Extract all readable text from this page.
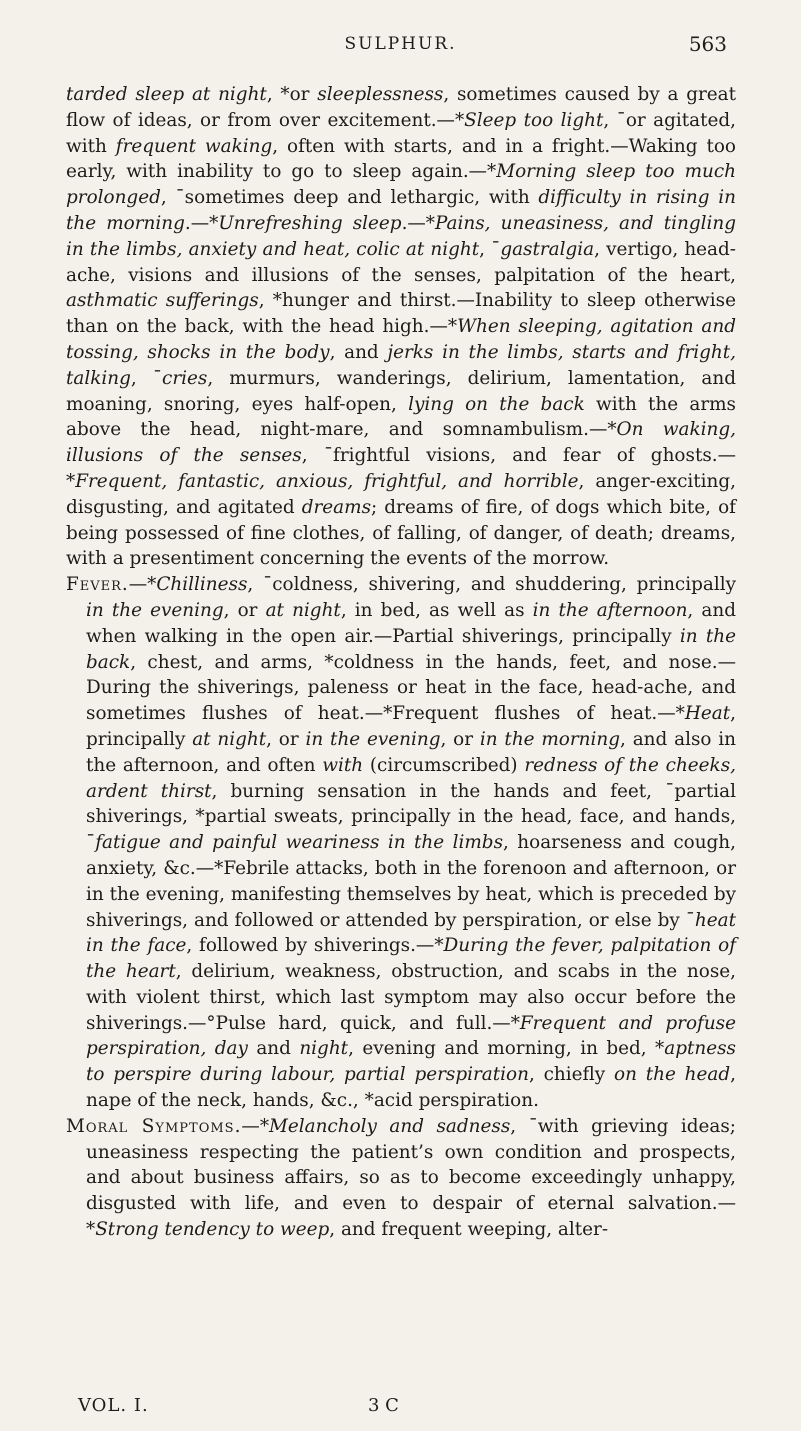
SULPHUR.	563

tarded sleep at night, *or sleeplessness, sometimes caused by a great flow of ideas, or from over excitement.—*Sleep too light, ¯or agitated, with frequent waking, often with starts, and in a fright.—Waking too early, with inability to go to sleep again.—*Morning sleep too much prolonged, ¯sometimes deep and lethargic, with difficulty in rising in the morning.—*Unrefreshing sleep.—*Pains, uneasiness, and tingling in the limbs, anxiety and heat, colic at night, ¯gastralgia, vertigo, head-ache, visions and illusions of the senses, palpitation of the heart, asthmatic sufferings, *hunger and thirst.—Inability to sleep otherwise than on the back, with the head high.—*When sleeping, agitation and tossing, shocks in the body, and jerks in the limbs, starts and fright, talking, ¯cries, murmurs, wanderings, delirium, lamentation, and moaning, snoring, eyes half-open, lying on the back with the arms above the head, night-mare, and somnambulism.—*On waking, illusions of the senses, ¯frightful visions, and fear of ghosts.—*Frequent, fantastic, anxious, frightful, and horrible, anger-exciting, disgusting, and agitated dreams; dreams of fire, of dogs which bite, of being possessed of fine clothes, of falling, of danger, of death; dreams, with a presentiment concerning the events of the morrow.

Fever.—*Chilliness, ¯coldness, shivering, and shuddering, principally in the evening, or at night, in bed, as well as in the afternoon, and when walking in the open air.—Partial shiverings, principally in the back, chest, and arms, *coldness in the hands, feet, and nose.—During the shiverings, paleness or heat in the face, head-ache, and sometimes flushes of heat.—*Frequent flushes of heat.—*Heat, principally at night, or in the evening, or in the morning, and also in the afternoon, and often with (circumscribed) redness of the cheeks, ardent thirst, burning sensation in the hands and feet, ¯partial shiverings, *partial sweats, principally in the head, face, and hands, ¯fatigue and painful weariness in the limbs, hoarseness and cough, anxiety, &c.—*Febrile attacks, both in the forenoon and afternoon, or in the evening, manifesting themselves by heat, which is preceded by shiverings, and followed or attended by perspiration, or else by ¯heat in the face, followed by shiverings.—*During the fever, palpitation of the heart, delirium, weakness, obstruction, and scabs in the nose, with violent thirst, which last symptom may also occur before the shiverings.—°Pulse hard, quick, and full.—*Frequent and profuse perspiration, day and night, evening and morning, in bed, *aptness to perspire during labour, partial perspiration, chiefly on the head, nape of the neck, hands, &c., *acid perspiration.

Moral Symptoms.—*Melancholy and sadness, ¯with grieving ideas; uneasiness respecting the patient’s own condition and prospects, and about business affairs, so as to become exceedingly unhappy, disgusted with life, and even to despair of eternal salvation.—*Strong tendency to weep, and frequent weeping, alter-

VOL. I.	3 C
